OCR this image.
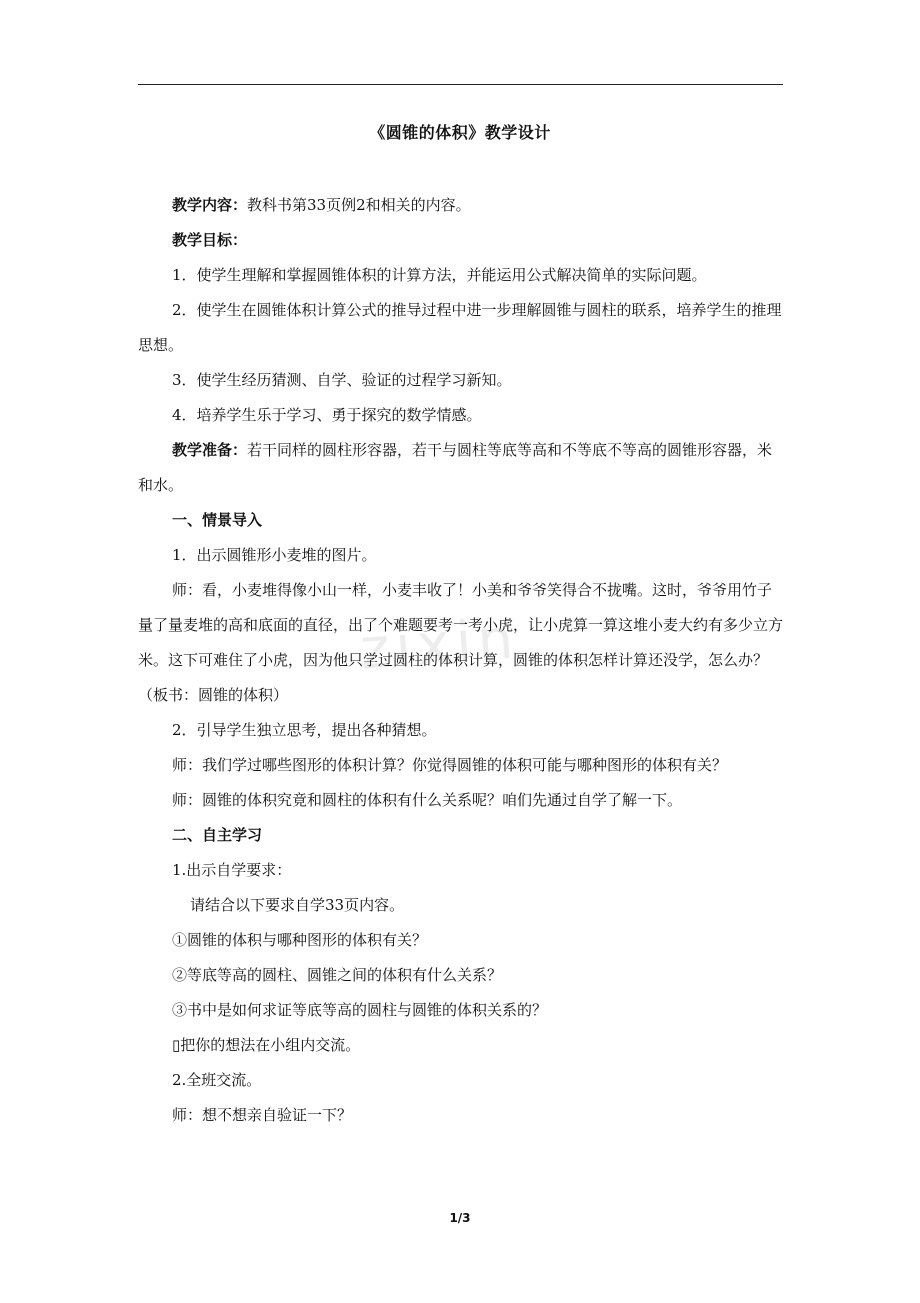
《圆锥的体积》教学设计
zixin

教学内容：教科书第33页例2和相关的内容。

教学目标：

1．使学生理解和掌握圆锥体积的计算方法，并能运用公式解决简单的实际问题。

2．使学生在圆锥体积计算公式的推导过程中进一步理解圆锥与圆柱的联系，培养学生的推理思想。

3．使学生经历猜测、自学、验证的过程学习新知。

4．培养学生乐于学习、勇于探究的数学情感。

教学准备：若干同样的圆柱形容器，若干与圆柱等底等高和不等底不等高的圆锥形容器，米和水。

一、情景导入

1．出示圆锥形小麦堆的图片。

师：看，小麦堆得像小山一样，小麦丰收了！小美和爷爷笑得合不拢嘴。这时，爷爷用竹子量了量麦堆的高和底面的直径，出了个难题要考一考小虎，让小虎算一算这堆小麦大约有多少立方米。这下可难住了小虎，因为他只学过圆柱的体积计算，圆锥的体积怎样计算还没学，怎么办？（板书：圆锥的体积）

2．引导学生独立思考，提出各种猜想。

师：我们学过哪些图形的体积计算？你觉得圆锥的体积可能与哪种图形的体积有关？

师：圆锥的体积究竟和圆柱的体积有什么关系呢？咱们先通过自学了解一下。

二、自主学习

1.出示自学要求：

请结合以下要求自学33页内容。

①圆锥的体积与哪种图形的体积有关？

②等底等高的圆柱、圆锥之间的体积有什么关系？

③书中是如何求证等底等高的圆柱与圆锥的体积关系的？

▯把你的想法在小组内交流。

2.全班交流。

师：想不想亲自验证一下？

1/3
